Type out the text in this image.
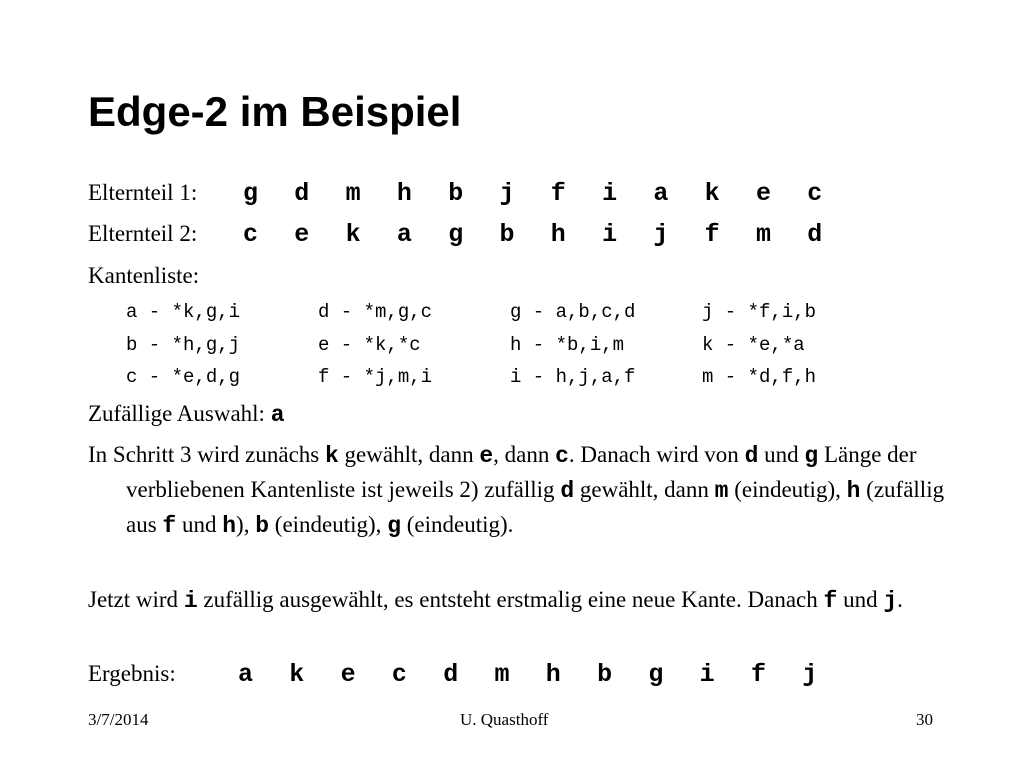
Edge-2 im Beispiel
Elternteil 1: g d m h b j f i a k e c
Elternteil 2: c e k a g b h i j f m d
Kantenliste:
a - *k,g,i	d - *m,g,c	g - a,b,c,d	j - *f,i,b
b - *h,g,j	e - *k,*c	h - *b,i,m	k - *e,*a
c - *e,d,g	f - *j,m,i	i - h,j,a,f	m - *d,f,h
Zufällige Auswahl: a
In Schritt 3 wird zunächs k gewählt, dann e, dann c. Danach wird von d und g Länge der verbliebenen Kantenliste ist jeweils 2) zufällig d gewählt, dann m (eindeutig), h (zufällig aus f und h), b (eindeutig), g (eindeutig).
Jetzt wird i zufällig ausgewählt, es entsteht erstmalig eine neue Kante. Danach f und j.
Ergebnis: a k e c d m h b g i f j
3/7/2014	U. Quasthoff	30
